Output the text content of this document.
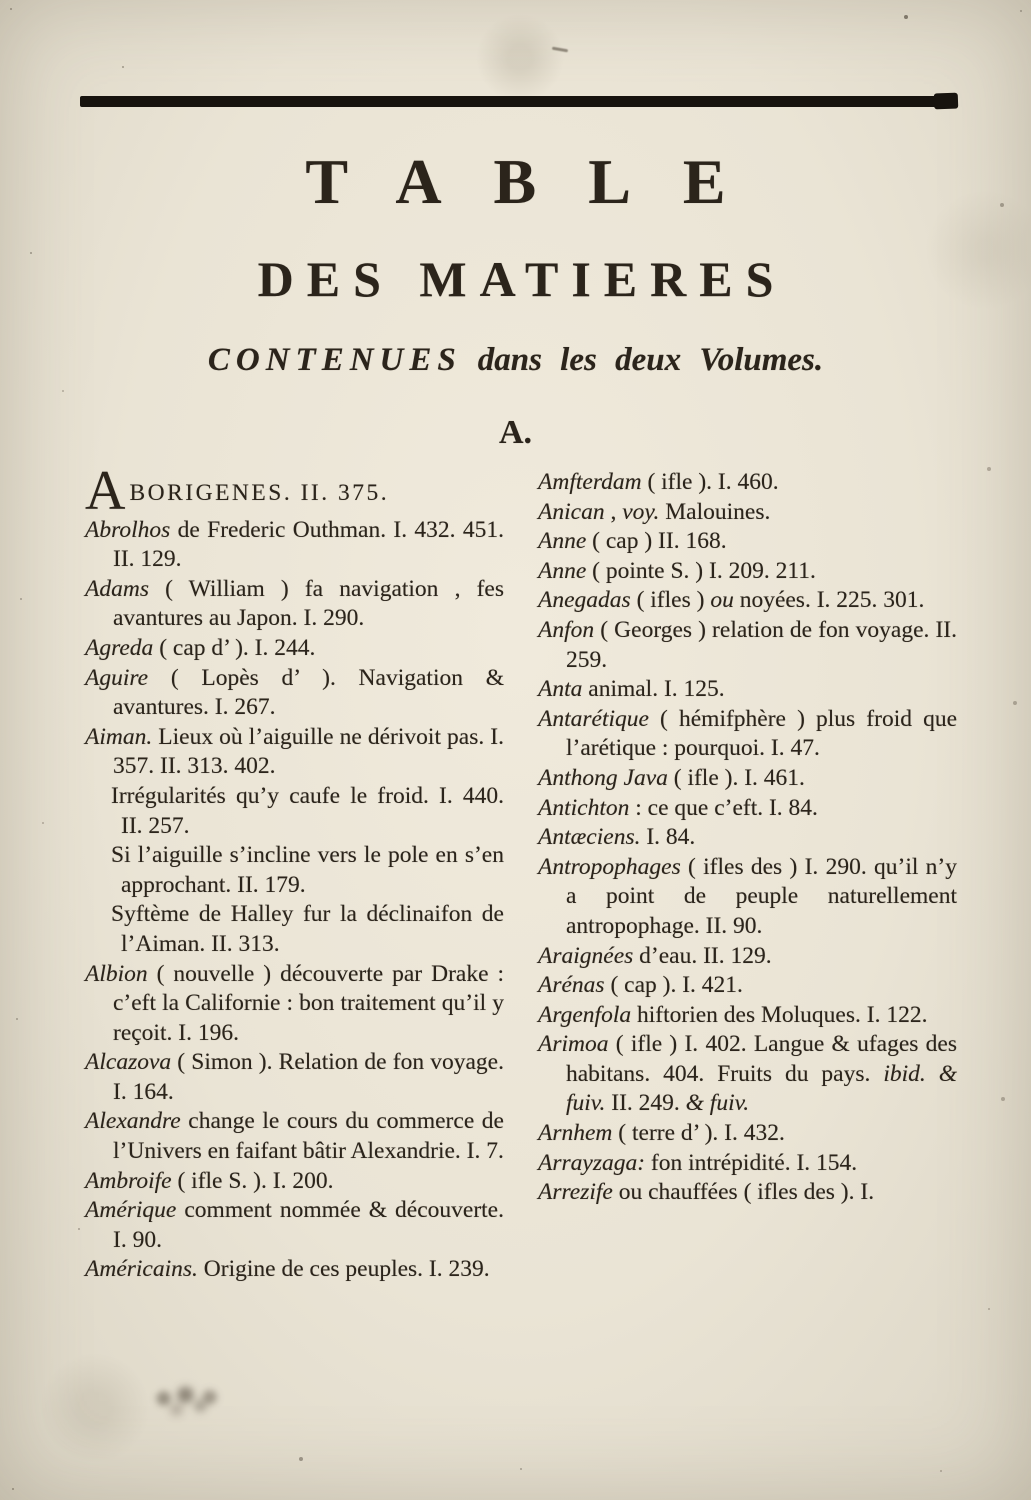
TABLE
DES MATIERES
CONTENUES dans les deux Volumes.
A.

ABORIGENES. II. 375.

Abrolhos de Frederic Outhman. I. 432. 451. II. 129.

Adams ( William ) fa navigation , fes avantures au Japon. I. 290.

Agreda ( cap d’ ). I. 244.

Aguire ( Lopès d’ ). Navigation & avantures. I. 267.

Aiman. Lieux où l’aiguille ne dérivoit pas. I. 357. II. 313. 402.

Irrégularités qu’y caufe le froid. I. 440. II. 257.

Si l’aiguille s’incline vers le pole en s’en approchant. II. 179.

Syftème de Halley fur la déclinaifon de l’Aiman. II. 313.

Albion ( nouvelle ) découverte par Drake : c’eft la Californie : bon traitement qu’il y reçoit. I. 196.

Alcazova ( Simon ). Relation de fon voyage. I. 164.

Alexandre change le cours du commerce de l’Univers en faifant bâtir Alexandrie. I. 7.

Ambroife ( ifle S. ). I. 200.

Amérique comment nommée & découverte. I. 90.

Américains. Origine de ces peuples. I. 239.

Amfterdam ( ifle ). I. 460.

Anican , voy. Malouines.

Anne ( cap ) II. 168.

Anne ( pointe S. ) I. 209. 211.

Anegadas ( ifles ) ou noyées. I. 225. 301.

Anfon ( Georges ) relation de fon voyage. II. 259.

Anta animal. I. 125.

Antarétique ( hémifphère ) plus froid que l’arétique : pourquoi. I. 47.

Anthong Java ( ifle ). I. 461.

Antichton : ce que c’eft. I. 84.

Antæciens. I. 84.

Antropophages ( ifles des ) I. 290. qu’il n’y a point de peuple naturellement antropophage. II. 90.

Araignées d’eau. II. 129.

Arénas ( cap ). I. 421.

Argenfola hiftorien des Moluques. I. 122.

Arimoa ( ifle ) I. 402. Langue & ufages des habitans. 404. Fruits du pays. ibid. & fuiv. II. 249. & fuiv.

Arnhem ( terre d’ ). I. 432.

Arrayzaga: fon intrépidité. I. 154.

Arrezife ou chauffées ( ifles des ). I.
